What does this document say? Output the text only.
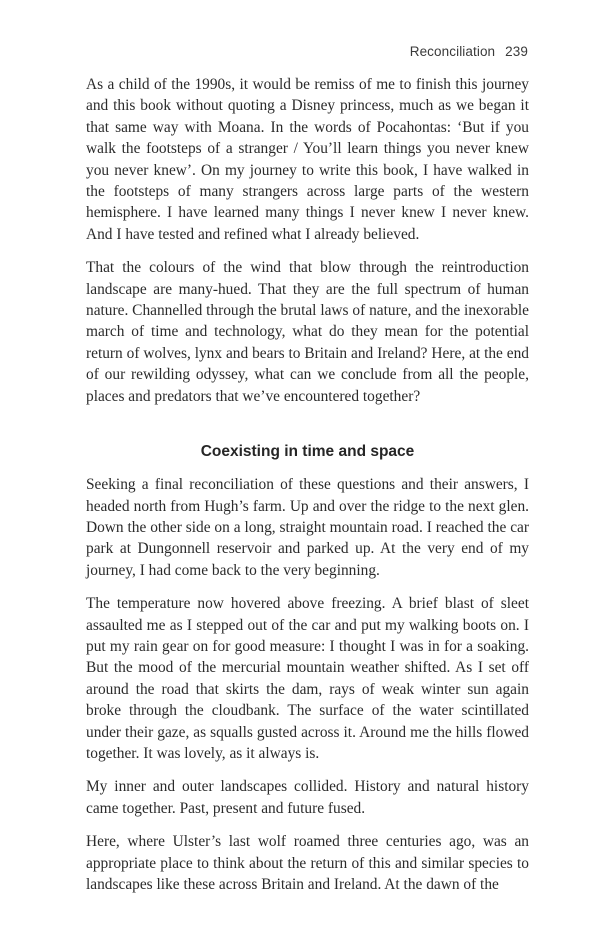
Reconciliation 239

As a child of the 1990s, it would be remiss of me to finish this journey and this book without quoting a Disney princess, much as we began it that same way with Moana. In the words of Pocahontas: ‘But if you walk the footsteps of a stranger / You’ll learn things you never knew you never knew’. On my journey to write this book, I have walked in the footsteps of many strangers across large parts of the western hemisphere. I have learned many things I never knew I never knew. And I have tested and refined what I already believed.

That the colours of the wind that blow through the reintroduction landscape are many-hued. That they are the full spectrum of human nature. Channelled through the brutal laws of nature, and the inexorable march of time and technology, what do they mean for the potential return of wolves, lynx and bears to Britain and Ireland? Here, at the end of our rewilding odyssey, what can we conclude from all the people, places and predators that we’ve encountered together?

Coexisting in time and space

Seeking a final reconciliation of these questions and their answers, I headed north from Hugh’s farm. Up and over the ridge to the next glen. Down the other side on a long, straight mountain road. I reached the car park at Dungonnell reservoir and parked up. At the very end of my journey, I had come back to the very beginning.

The temperature now hovered above freezing. A brief blast of sleet assaulted me as I stepped out of the car and put my walking boots on. I put my rain gear on for good measure: I thought I was in for a soaking. But the mood of the mercurial mountain weather shifted. As I set off around the road that skirts the dam, rays of weak winter sun again broke through the cloudbank. The surface of the water scintillated under their gaze, as squalls gusted across it. Around me the hills flowed together. It was lovely, as it always is.

My inner and outer landscapes collided. History and natural history came together. Past, present and future fused.

Here, where Ulster’s last wolf roamed three centuries ago, was an appropriate place to think about the return of this and similar species to landscapes like these across Britain and Ireland. At the dawn of the
